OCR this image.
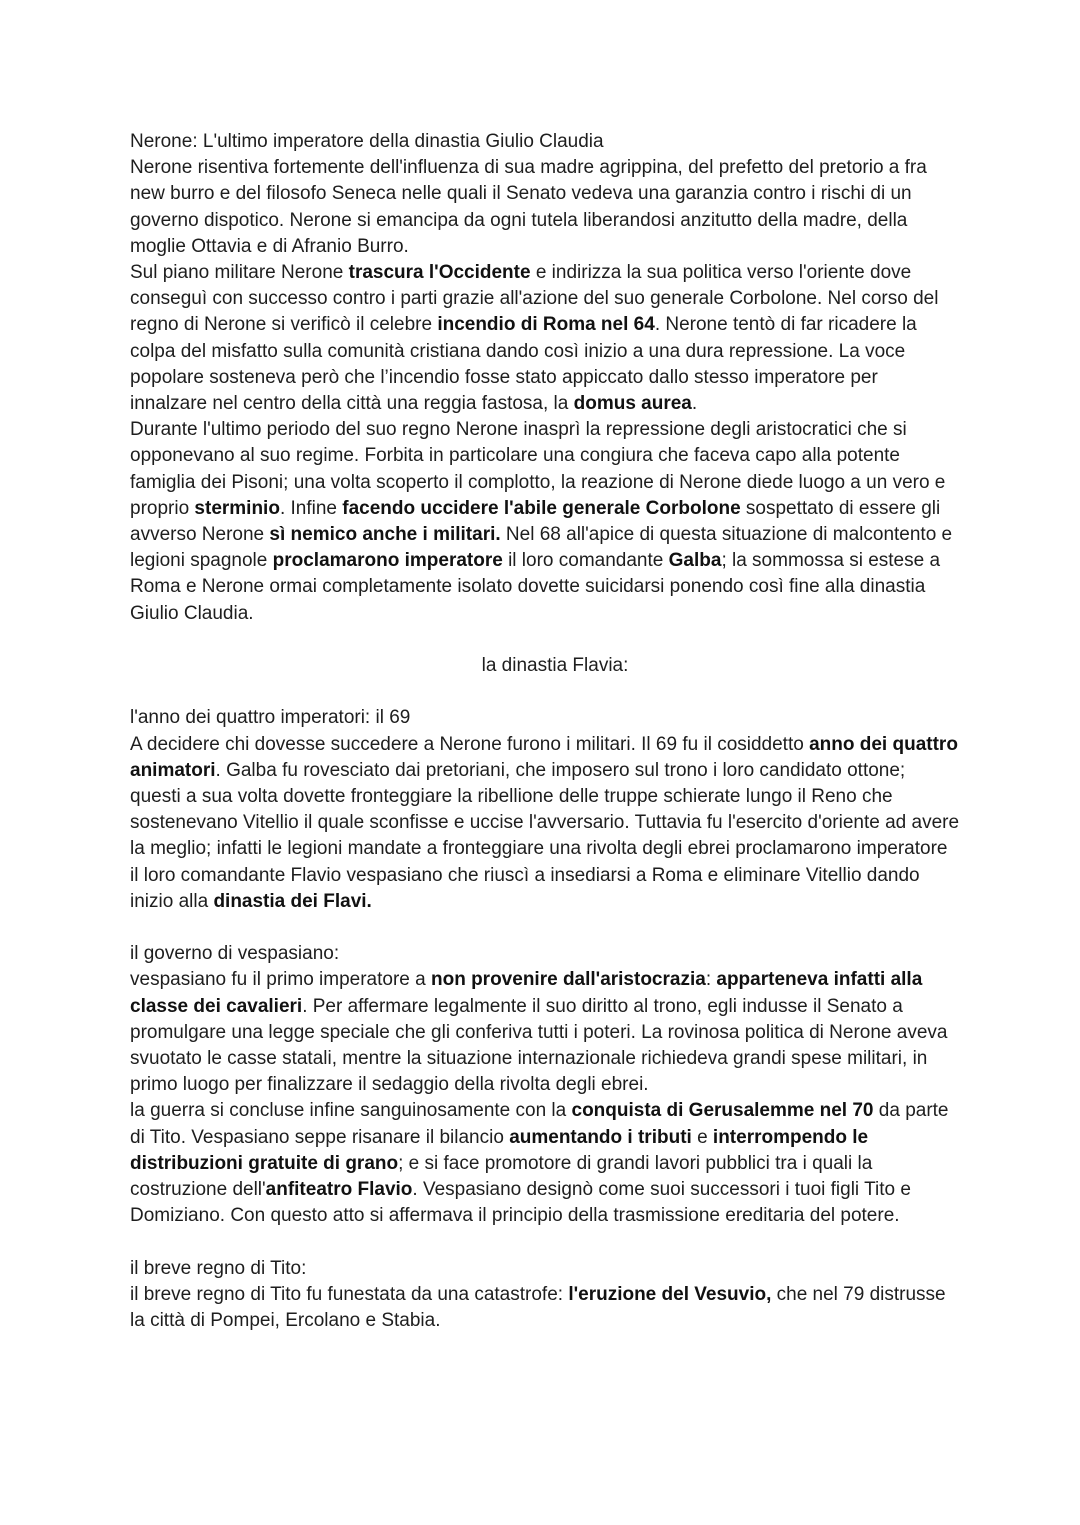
Nerone: L'ultimo imperatore della dinastia Giulio Claudia

Nerone risentiva fortemente dell'influenza di sua madre agrippina, del prefetto del pretorio a fra new burro e del filosofo Seneca nelle quali il Senato vedeva una garanzia contro i rischi di un governo dispotico. Nerone si emancipa da ogni tutela liberandosi anzitutto della madre, della moglie Ottavia e di Afranio Burro.

Sul piano militare Nerone trascura l'Occidente e indirizza la sua politica verso l'oriente dove conseguì con successo contro i parti grazie all'azione del suo generale Corbolone. Nel corso del regno di Nerone si verificò il celebre incendio di Roma nel 64. Nerone tentò di far ricadere la colpa del misfatto sulla comunità cristiana dando così inizio a una dura repressione. La voce popolare sosteneva però che l’incendio fosse stato appiccato dallo stesso imperatore per innalzare nel centro della città una reggia fastosa, la domus aurea.

Durante l'ultimo periodo del suo regno Nerone inasprì la repressione degli aristocratici che si opponevano al suo regime. Forbita in particolare una congiura che faceva capo alla potente famiglia dei Pisoni; una volta scoperto il complotto, la reazione di Nerone diede luogo a un vero e proprio sterminio. Infine facendo uccidere l'abile generale Corbolone sospettato di essere gli avverso Nerone sì nemico anche i militari. Nel 68 all'apice di questa situazione di malcontento e legioni spagnole proclamarono imperatore il loro comandante Galba; la sommossa si estese a Roma e Nerone ormai completamente isolato dovette suicidarsi ponendo così fine alla dinastia Giulio Claudia.

la dinastia Flavia:

l'anno dei quattro imperatori: il 69

A decidere chi dovesse succedere a Nerone furono i militari. Il 69 fu il cosiddetto anno dei quattro animatori. Galba fu rovesciato dai pretoriani, che imposero sul trono i loro candidato ottone; questi a sua volta dovette fronteggiare la ribellione delle truppe schierate lungo il Reno che sostenevano Vitellio il quale sconfisse e uccise l'avversario. Tuttavia fu l'esercito d'oriente ad avere la meglio; infatti le legioni mandate a fronteggiare una rivolta degli ebrei proclamarono imperatore il loro comandante Flavio vespasiano che riuscì a insediarsi a Roma e eliminare Vitellio dando inizio alla dinastia dei Flavi.

il governo di vespasiano:

vespasiano fu il primo imperatore a non provenire dall'aristocrazia: apparteneva infatti alla classe dei cavalieri. Per affermare legalmente il suo diritto al trono, egli indusse il Senato a promulgare una legge speciale che gli conferiva tutti i poteri. La rovinosa politica di Nerone aveva svuotato le casse statali, mentre la situazione internazionale richiedeva grandi spese militari, in primo luogo per finalizzare il sedaggio della rivolta degli ebrei.

la guerra si concluse infine sanguinosamente con la conquista di Gerusalemme nel 70 da parte di Tito. Vespasiano seppe risanare il bilancio aumentando i tributi e interrompendo le distribuzioni gratuite di grano; e si face promotore di grandi lavori pubblici tra i quali la costruzione dell'anfiteatro Flavio. Vespasiano designò come suoi successori i tuoi figli Tito e Domiziano. Con questo atto si affermava il principio della trasmissione ereditaria del potere.

il breve regno di Tito:

il breve regno di Tito fu funestata da una catastrofe: l'eruzione del Vesuvio, che nel 79 distrusse la città di Pompei, Ercolano e Stabia.
